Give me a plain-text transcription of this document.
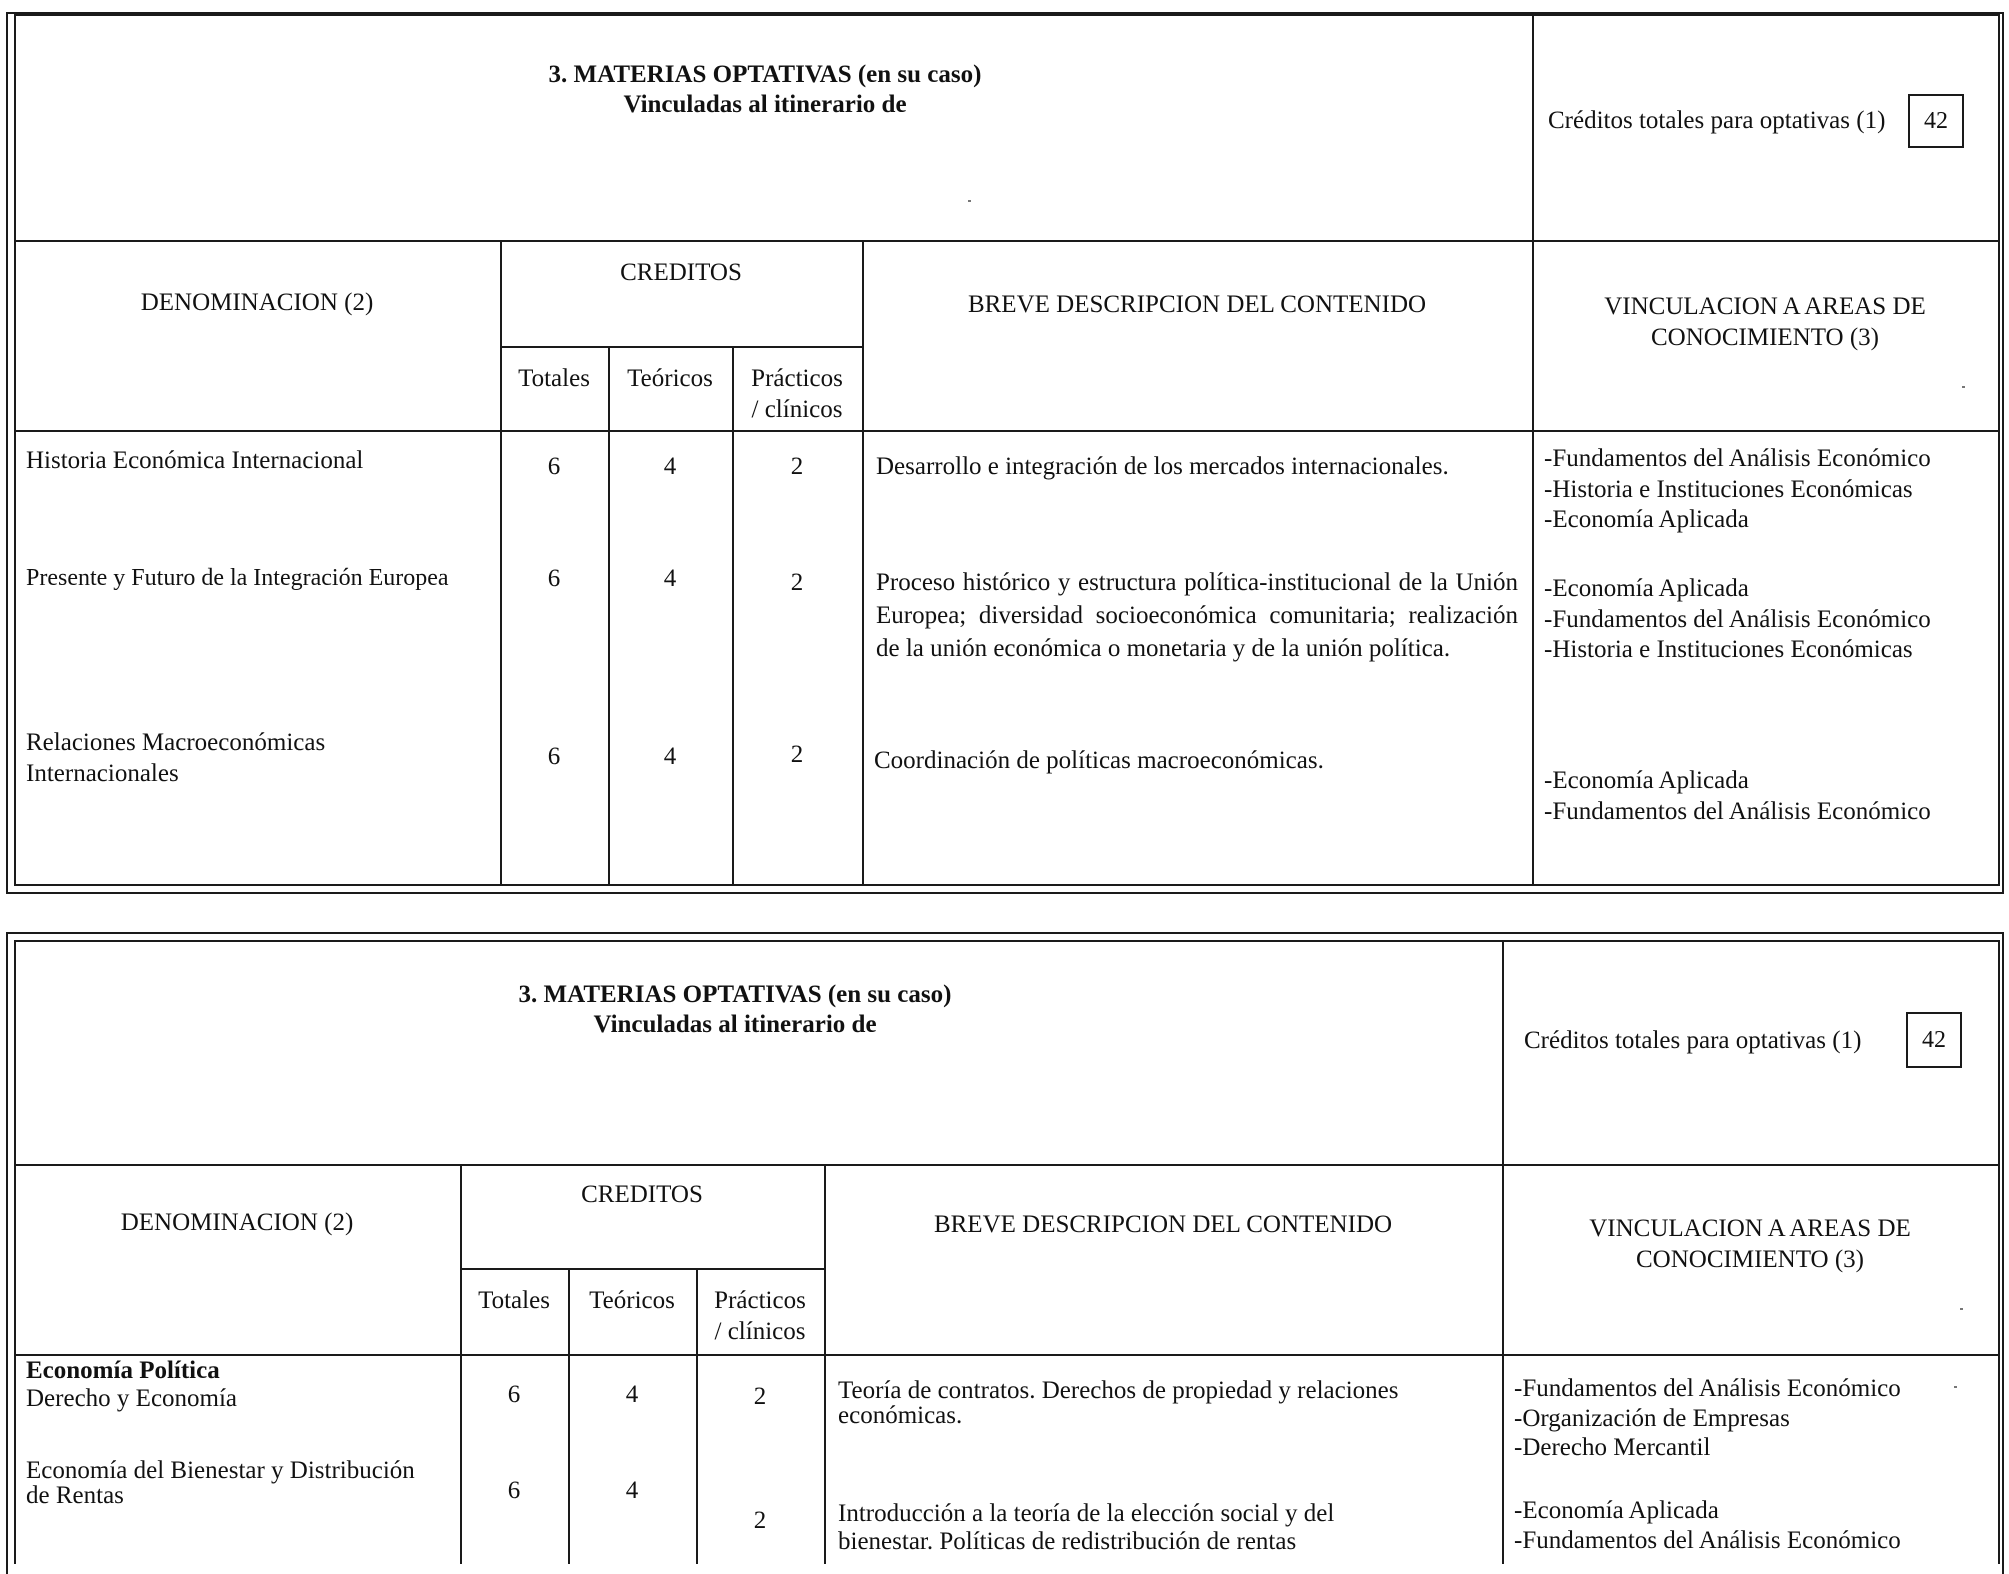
3. MATERIAS OPTATIVAS (en su caso)
Vinculadas al itinerario de
Créditos totales para optativas (1)	42
DENOMINACION (2)
CREDITOS
Totales	Teóricos	Prácticos
/ clínicos
BREVE DESCRIPCION DEL CONTENIDO	VINCULACION A AREAS DE
CONOCIMIENTO (3)
Historia Económica Internacional	6	4	2	Desarrollo e integración de los mercados internacionales.	-Fundamentos del Análisis Económico
-Historia e Instituciones Económicas
-Economía Aplicada
Presente y Futuro de la Integración Europea	6	4	2	Proceso histórico y estructura política-institucional de la Unión Europea; diversidad socioeconómica comunitaria; realización de la unión económica o monetaria y de la unión política.
-Economía Aplicada
-Fundamentos del Análisis Económico
-Historia e Instituciones Económicas
Relaciones Macroeconómicas
Internacionales
6	4	2	Coordinación de políticas macroeconómicas.
-Economía Aplicada
-Fundamentos del Análisis Económico
3. MATERIAS OPTATIVAS (en su caso)
Vinculadas al itinerario de
Créditos totales para optativas (1)	42
DENOMINACION (2)
CREDITOS
Totales	Teóricos	Prácticos
/ clínicos
BREVE DESCRIPCION DEL CONTENIDO	VINCULACION A AREAS DE
CONOCIMIENTO (3)
Economía Política
Derecho y Economía	6	4	2	Teoría de contratos. Derechos de propiedad y relaciones
económicas.
-Fundamentos del Análisis Económico
-Organización de Empresas
-Derecho Mercantil
Economía del Bienestar y Distribución
de Rentas	6	4
2	Introducción a la teoría de la elección social y del
bienestar. Políticas de redistribución de rentas
-Economía Aplicada
-Fundamentos del Análisis Económico
